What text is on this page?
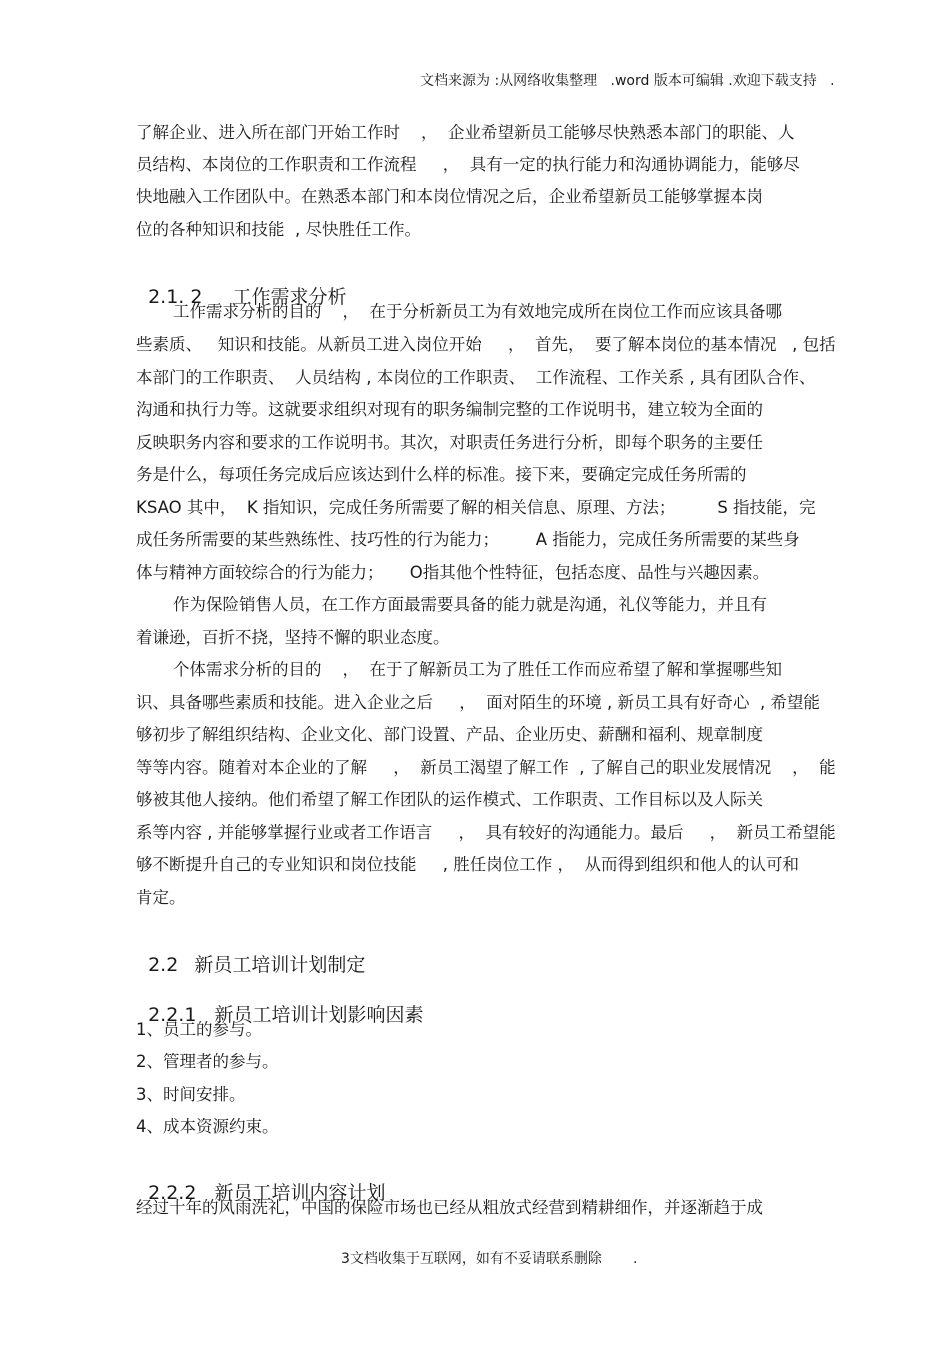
文档来源为 :从网络收集整理   .word 版本可编辑 .欢迎下载支持   .
了解企业、进入所在部门开始工作时    ，  企业希望新员工能够尽快熟悉本部门的职能、人
员结构、本岗位的工作职责和工作流程     ，  具有一定的执行能力和沟通协调能力，能够尽
快地融入工作团队中。在熟悉本部门和本岗位情况之后，企业希望新员工能够掌握本岗
位的各种知识和技能  , 尽快胜任工作。

2.1. 2 工作需求分析

工作需求分析的目的    ，  在于分析新员工为有效地完成所在岗位工作而应该具备哪
些素质、   知识和技能。从新员工进入岗位开始     ，  首先，  要了解本岗位的基本情况   , 包括
本部门的工作职责、  人员结构 , 本岗位的工作职责、  工作流程、工作关系 , 具有团队合作、
沟通和执行力等。这就要求组织对现有的职务编制完整的工作说明书，建立较为全面的
反映职务内容和要求的工作说明书。其次，对职责任务进行分析，即每个职务的主要任
务是什么，每项任务完成后应该达到什么样的标准。接下来，要确定完成任务所需的
KSAO 其中，  K 指知识，完成任务所需要了解的相关信息、原理、方法；        S 指技能，完
成任务所需要的某些熟练性、技巧性的行为能力；       A 指能力，完成任务所需要的某些身
体与精神方面较综合的行为能力；     O指其他个性特征，包括态度、品性与兴趣因素。
作为保险销售人员，在工作方面最需要具备的能力就是沟通，礼仪等能力，并且有
着谦逊，百折不挠，坚持不懈的职业态度。
个体需求分析的目的    ，  在于了解新员工为了胜任工作而应希望了解和掌握哪些知
识、具备哪些素质和技能。进入企业之后     ，  面对陌生的环境 , 新员工具有好奇心  , 希望能
够初步了解组织结构、企业文化、部门设置、产品、企业历史、薪酬和福利、规章制度
等等内容。随着对本企业的了解     ，  新员工渴望了解工作  , 了解自己的职业发展情况    ，  能
够被其他人接纳。他们希望了解工作团队的运作模式、工作职责、工作目标以及人际关
系等内容 , 并能够掌握行业或者工作语言     ，  具有较好的沟通能力。最后     ，  新员工希望能
够不断提升自己的专业知识和岗位技能     , 胜任岗位工作 ，  从而得到组织和他人的认可和
肯定。

2.2 新员工培训计划制定

2.2.1 新员工培训计划影响因素

1、员工的参与。
2、管理者的参与。
3、时间安排。
4、成本资源约束。

2.2.2 新员工培训内容计划

经过十年的风雨洗礼，中国的保险市场也已经从粗放式经营到精耕细作，并逐渐趋于成
3文档收集于互联网，如有不妥请联系删除       .
